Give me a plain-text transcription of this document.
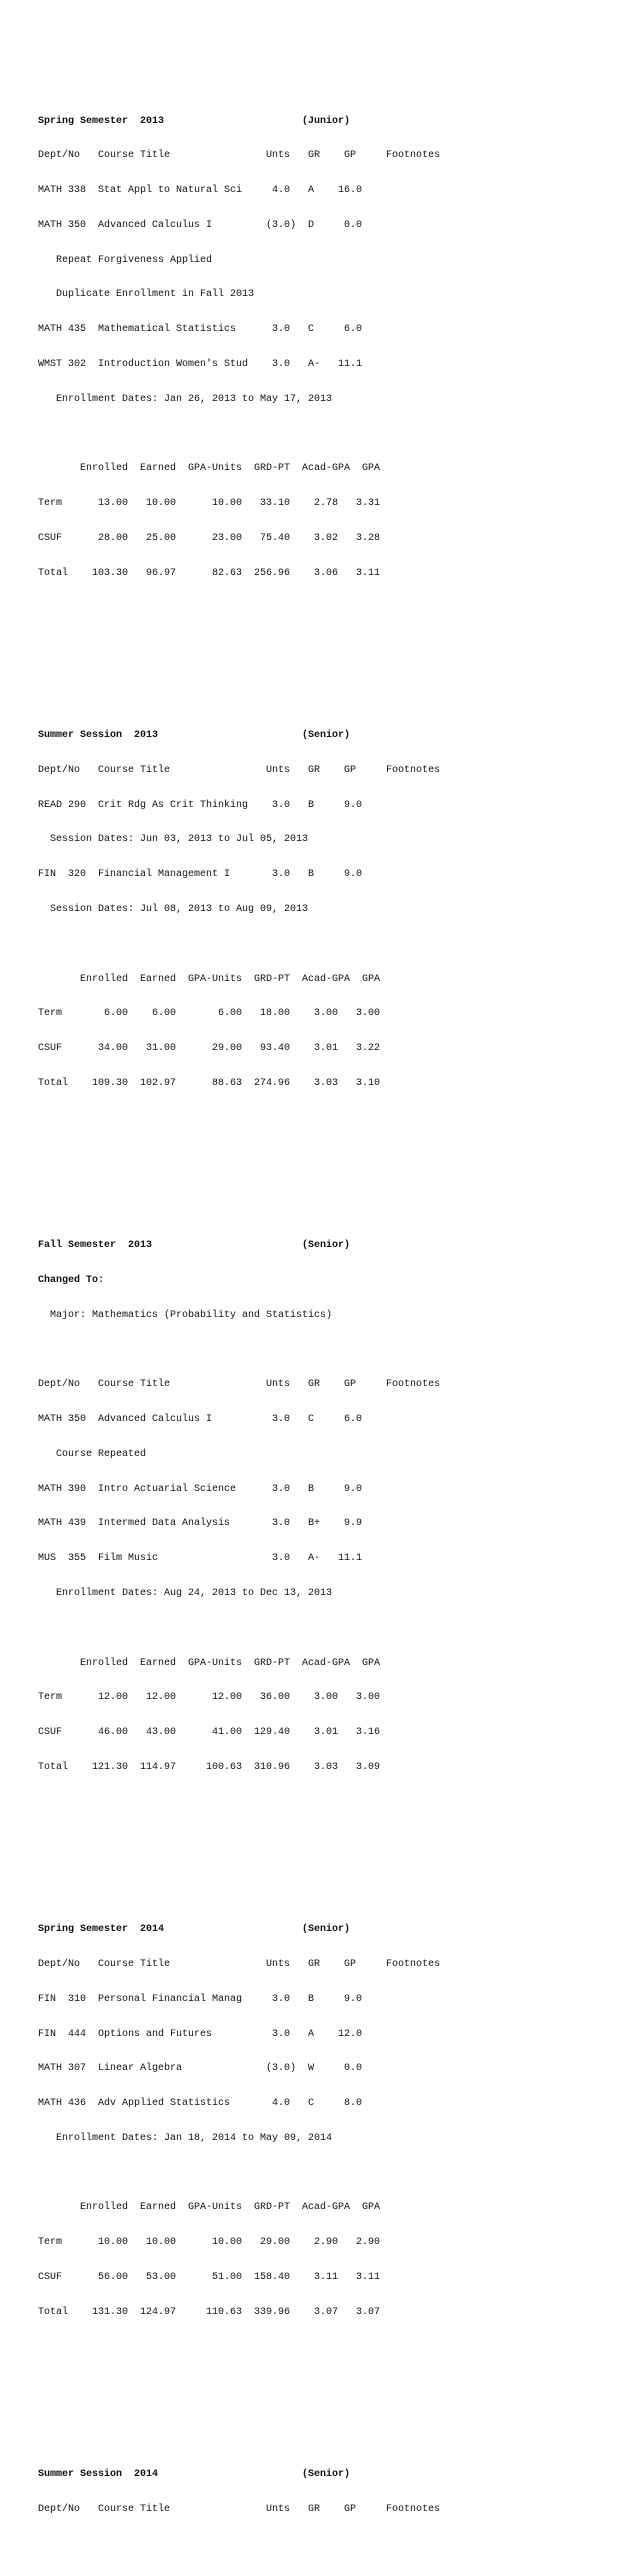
Spring Semester  2013                       (Junior)

Dept/No   Course Title                Unts   GR    GP     Footnotes

MATH 338  Stat Appl to Natural Sci     4.0   A    16.0

MATH 350  Advanced Calculus I         (3.0)  D     0.0

Repeat Forgiveness Applied

Duplicate Enrollment in Fall 2013

MATH 435  Mathematical Statistics      3.0   C     6.0

WMST 302  Introduction Women's Stud    3.0   A-   11.1

Enrollment Dates: Jan 26, 2013 to May 17, 2013

Enrolled  Earned  GPA-Units  GRD-PT  Acad-GPA  GPA

Term      13.00   10.00      10.00   33.10    2.78   3.31

CSUF      28.00   25.00      23.00   75.40    3.02   3.28

Total    103.30   96.97      82.63  256.96    3.06   3.11

Summer Session  2013                        (Senior)

Dept/No   Course Title                Unts   GR    GP     Footnotes

READ 290  Crit Rdg As Crit Thinking    3.0   B     9.0

Session Dates: Jun 03, 2013 to Jul 05, 2013

FIN  320  Financial Management I       3.0   B     9.0

Session Dates: Jul 08, 2013 to Aug 09, 2013

Enrolled  Earned  GPA-Units  GRD-PT  Acad-GPA  GPA

Term       6.00    6.00       6.00   18.00    3.00   3.00

CSUF      34.00   31.00      29.00   93.40    3.01   3.22

Total    109.30  102.97      88.63  274.96    3.03   3.10

Fall Semester  2013                         (Senior)

Changed To:

Major: Mathematics (Probability and Statistics)

Dept/No   Course Title                Unts   GR    GP     Footnotes

MATH 350  Advanced Calculus I          3.0   C     6.0

Course Repeated

MATH 390  Intro Actuarial Science      3.0   B     9.0

MATH 439  Intermed Data Analysis       3.0   B+    9.9

MUS  355  Film Music                   3.0   A-   11.1

Enrollment Dates: Aug 24, 2013 to Dec 13, 2013

Enrolled  Earned  GPA-Units  GRD-PT  Acad-GPA  GPA

Term      12.00   12.00      12.00   36.00    3.00   3.00

CSUF      46.00   43.00      41.00  129.40    3.01   3.16

Total    121.30  114.97     100.63  310.96    3.03   3.09

Spring Semester  2014                       (Senior)

Dept/No   Course Title                Unts   GR    GP     Footnotes

FIN  310  Personal Financial Manag     3.0   B     9.0

FIN  444  Options and Futures          3.0   A    12.0

MATH 307  Linear Algebra              (3.0)  W     0.0

MATH 436  Adv Applied Statistics       4.0   C     8.0

Enrollment Dates: Jan 18, 2014 to May 09, 2014

Enrolled  Earned  GPA-Units  GRD-PT  Acad-GPA  GPA

Term      10.00   10.00      10.00   29.00    2.90   2.90

CSUF      56.00   53.00      51.00  158.40    3.11   3.11

Total    131.30  124.97     110.63  339.96    3.07   3.07

Summer Session  2014                        (Senior)

Dept/No   Course Title                Unts   GR    GP     Footnotes
